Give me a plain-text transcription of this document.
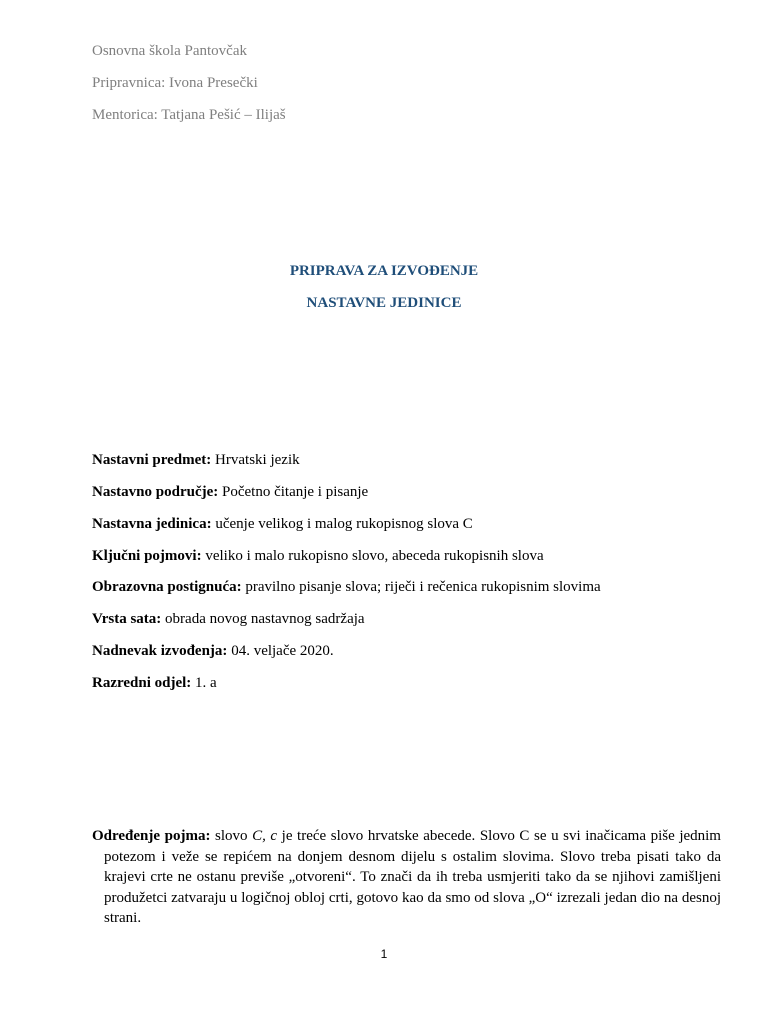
Osnovna škola Pantovčak
Pripravnica: Ivona Presečki
Mentorica: Tatjana Pešić – Ilijaš
PRIPRAVA ZA IZVOĐENJE
NASTAVNE JEDINICE
Nastavni predmet: Hrvatski jezik
Nastavno područje: Početno čitanje i pisanje
Nastavna jedinica: učenje velikog i malog rukopisnog slova C
Ključni pojmovi: veliko i malo rukopisno slovo, abeceda rukopisnih slova
Obrazovna postignuća: pravilno pisanje slova; riječi i rečenica rukopisnim slovima
Vrsta sata: obrada novog nastavnog sadržaja
Nadnevak izvođenja: 04. veljače 2020.
Razredni odjel: 1. a

Određenje pojma: slovo C, c je treće slovo hrvatske abecede. Slovo C se u svi inačicama piše jednim potezom i veže se repićem na donjem desnom dijelu s ostalim slovima. Slovo treba pisati tako da krajevi crte ne ostanu previše „otvoreni“. To znači da ih treba usmjeriti tako da se njihovi zamišljeni produžetci zatvaraju u logičnoj obloj crti, gotovo kao da smo od slova „O“ izrezali jedan dio na desnoj strani.

1
